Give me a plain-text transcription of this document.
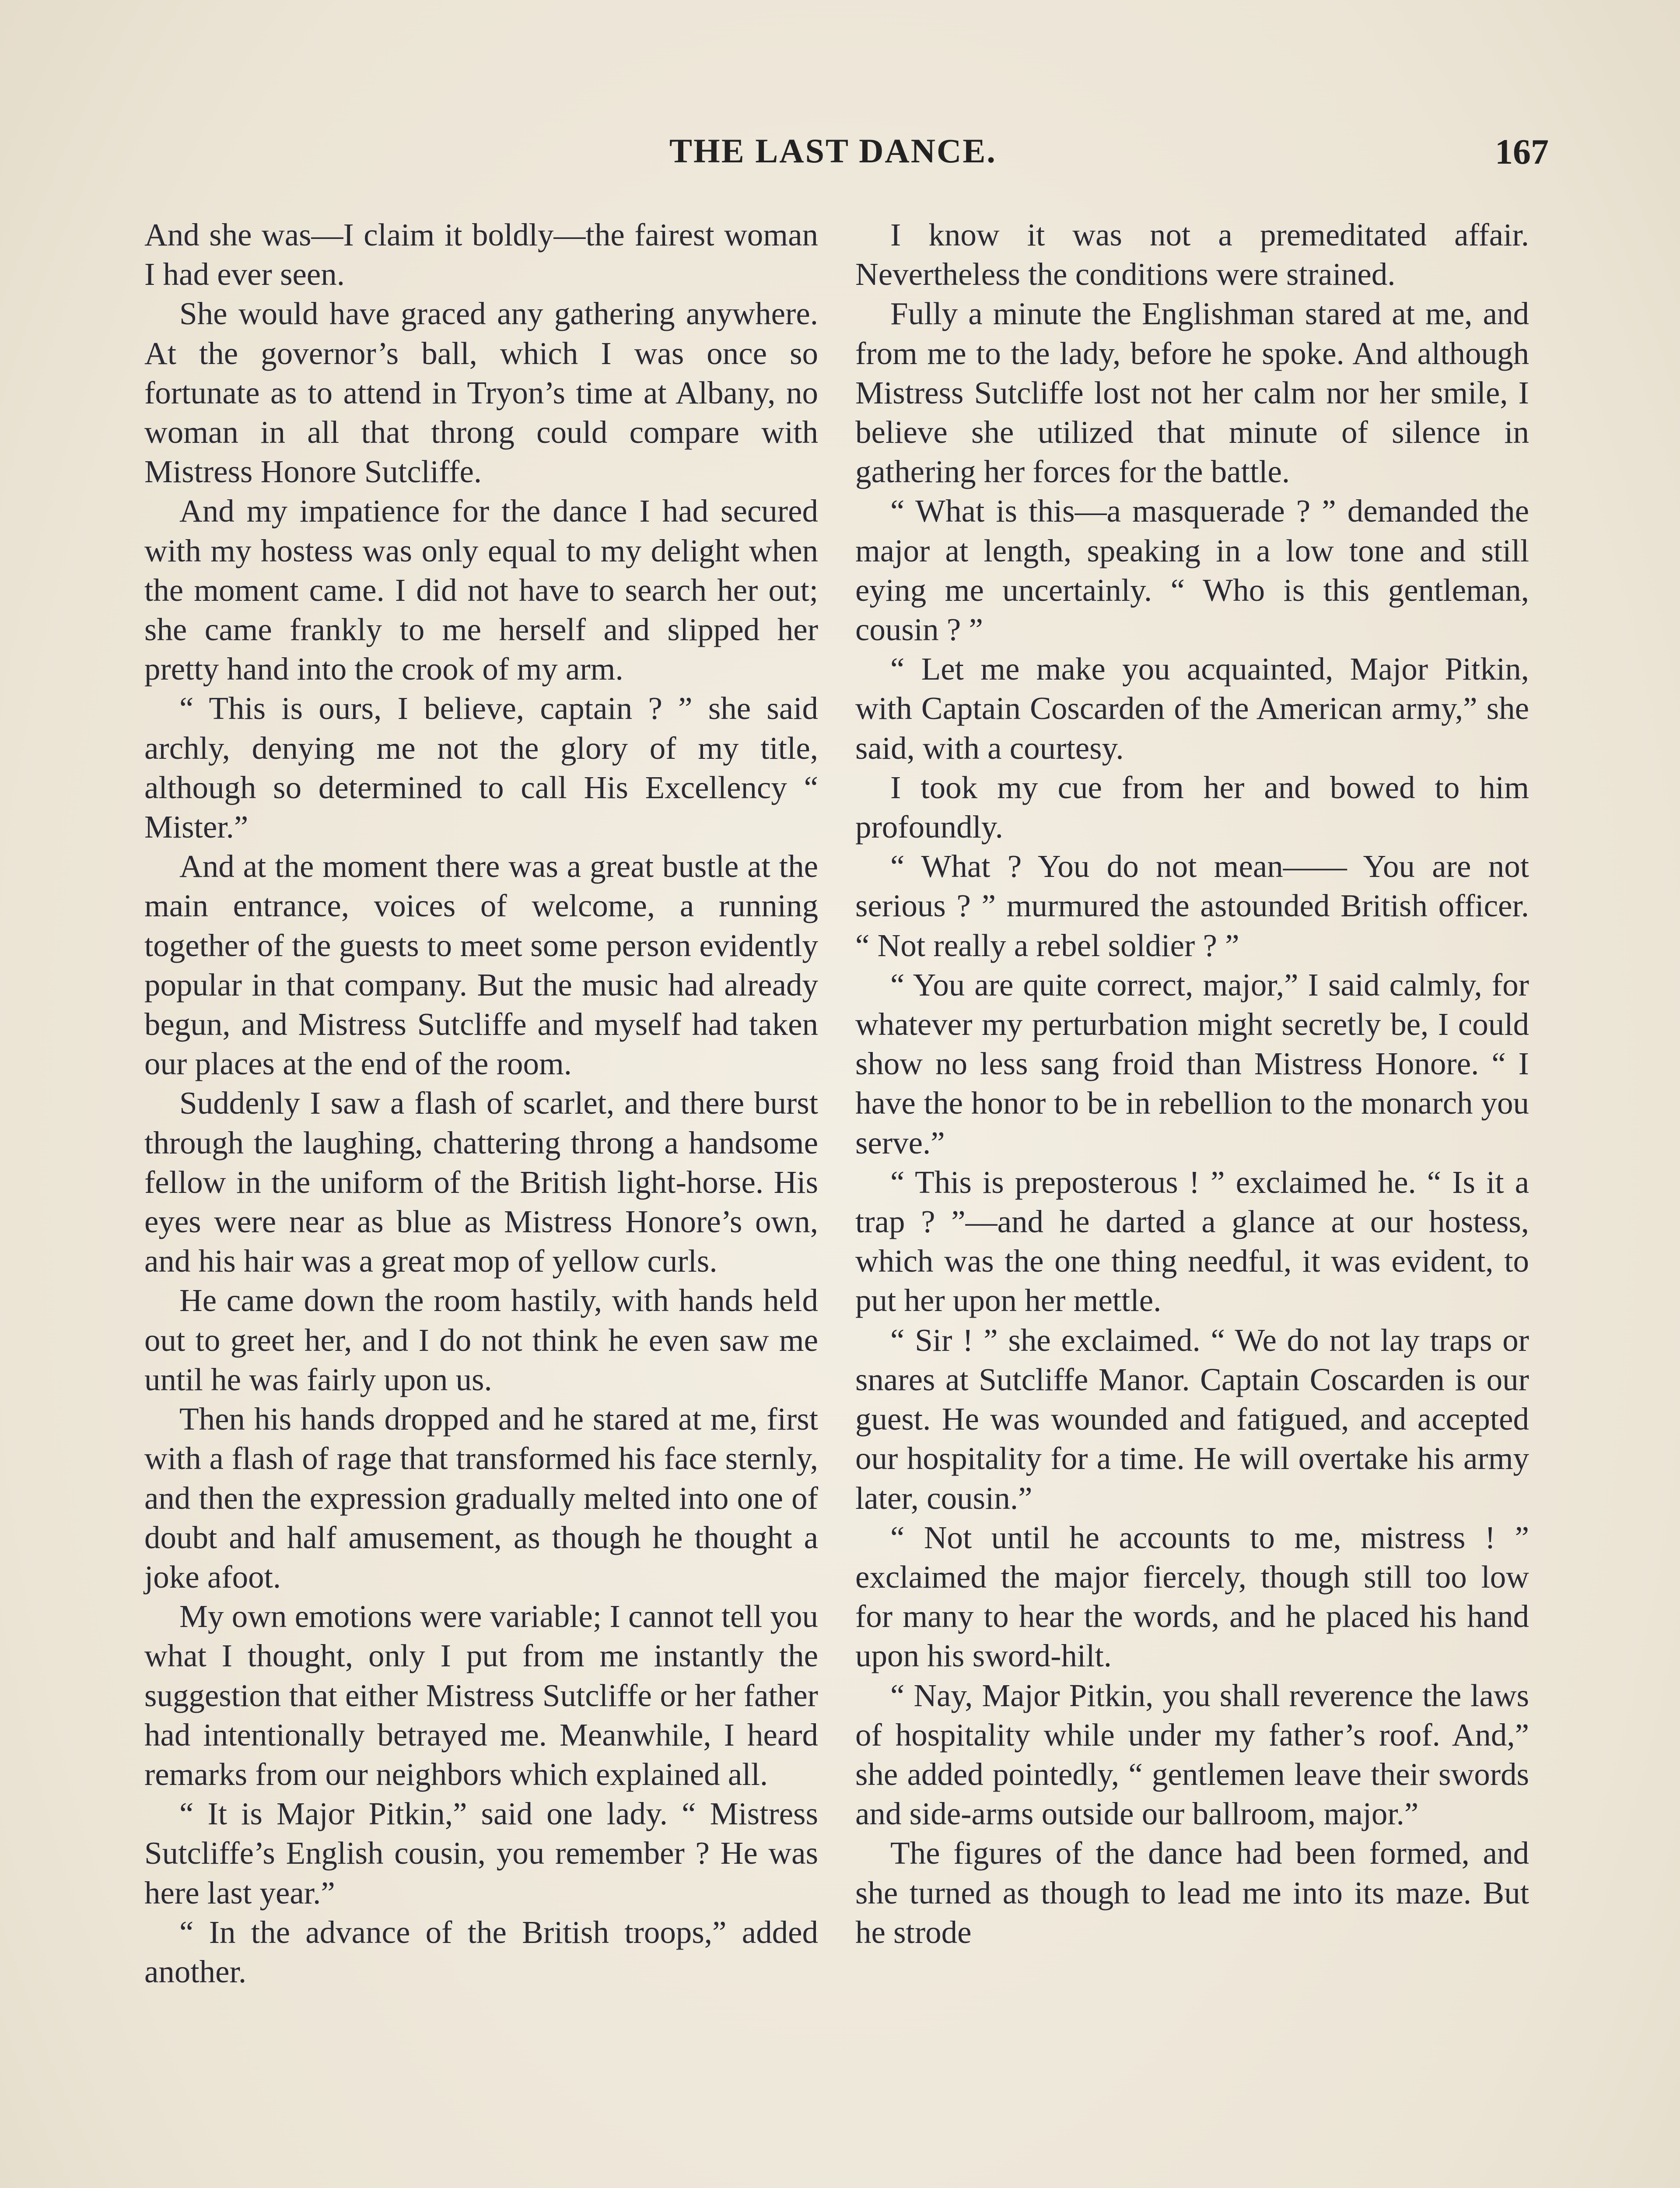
THE LAST DANCE.	167

And she was—I claim it boldly—the fairest woman I had ever seen.

She would have graced any gathering anywhere. At the governor’s ball, which I was once so fortunate as to attend in Tryon’s time at Albany, no woman in all that throng could compare with Mistress Honore Sutcliffe.

And my impatience for the dance I had secured with my hostess was only equal to my delight when the moment came. I did not have to search her out; she came frankly to me herself and slipped her pretty hand into the crook of my arm.

“ This is ours, I believe, captain ? ” she said archly, denying me not the glory of my title, although so determined to call His Excellency “ Mister.”

And at the moment there was a great bustle at the main entrance, voices of welcome, a running together of the guests to meet some person evidently popular in that company. But the music had already begun, and Mistress Sutcliffe and myself had taken our places at the end of the room.

Suddenly I saw a flash of scarlet, and there burst through the laughing, chattering throng a handsome fellow in the uniform of the British light-horse. His eyes were near as blue as Mistress Honore’s own, and his hair was a great mop of yellow curls.

He came down the room hastily, with hands held out to greet her, and I do not think he even saw me until he was fairly upon us.

Then his hands dropped and he stared at me, first with a flash of rage that transformed his face sternly, and then the expression gradually melted into one of doubt and half amusement, as though he thought a joke afoot.

My own emotions were variable; I cannot tell you what I thought, only I put from me instantly the suggestion that either Mistress Sutcliffe or her father had intentionally betrayed me. Meanwhile, I heard remarks from our neighbors which explained all.

“ It is Major Pitkin,” said one lady. “ Mistress Sutcliffe’s English cousin, you remember ? He was here last year.”

“ In the advance of the British troops,” added another.

I know it was not a premeditated affair. Nevertheless the conditions were strained.

Fully a minute the Englishman stared at me, and from me to the lady, before he spoke. And although Mistress Sutcliffe lost not her calm nor her smile, I believe she utilized that minute of silence in gathering her forces for the battle.

“ What is this—a masquerade ? ” demanded the major at length, speaking in a low tone and still eying me uncertainly. “ Who is this gentleman, cousin ? ”

“ Let me make you acquainted, Major Pitkin, with Captain Coscarden of the American army,” she said, with a courtesy.

I took my cue from her and bowed to him profoundly.

“ What ? You do not mean—— You are not serious ? ” murmured the astounded British officer. “ Not really a rebel soldier ? ”

“ You are quite correct, major,” I said calmly, for whatever my perturbation might secretly be, I could show no less sang froid than Mistress Honore. “ I have the honor to be in rebellion to the monarch you serve.”

“ This is preposterous ! ” exclaimed he. “ Is it a trap ? ”—and he darted a glance at our hostess, which was the one thing needful, it was evident, to put her upon her mettle.

“ Sir ! ” she exclaimed. “ We do not lay traps or snares at Sutcliffe Manor. Captain Coscarden is our guest. He was wounded and fatigued, and accepted our hospitality for a time. He will overtake his army later, cousin.”

“ Not until he accounts to me, mistress ! ” exclaimed the major fiercely, though still too low for many to hear the words, and he placed his hand upon his sword-hilt.

“ Nay, Major Pitkin, you shall reverence the laws of hospitality while under my father’s roof. And,” she added pointedly, “ gentlemen leave their swords and side-arms outside our ballroom, major.”

The figures of the dance had been formed, and she turned as though to lead me into its maze. But he strode
